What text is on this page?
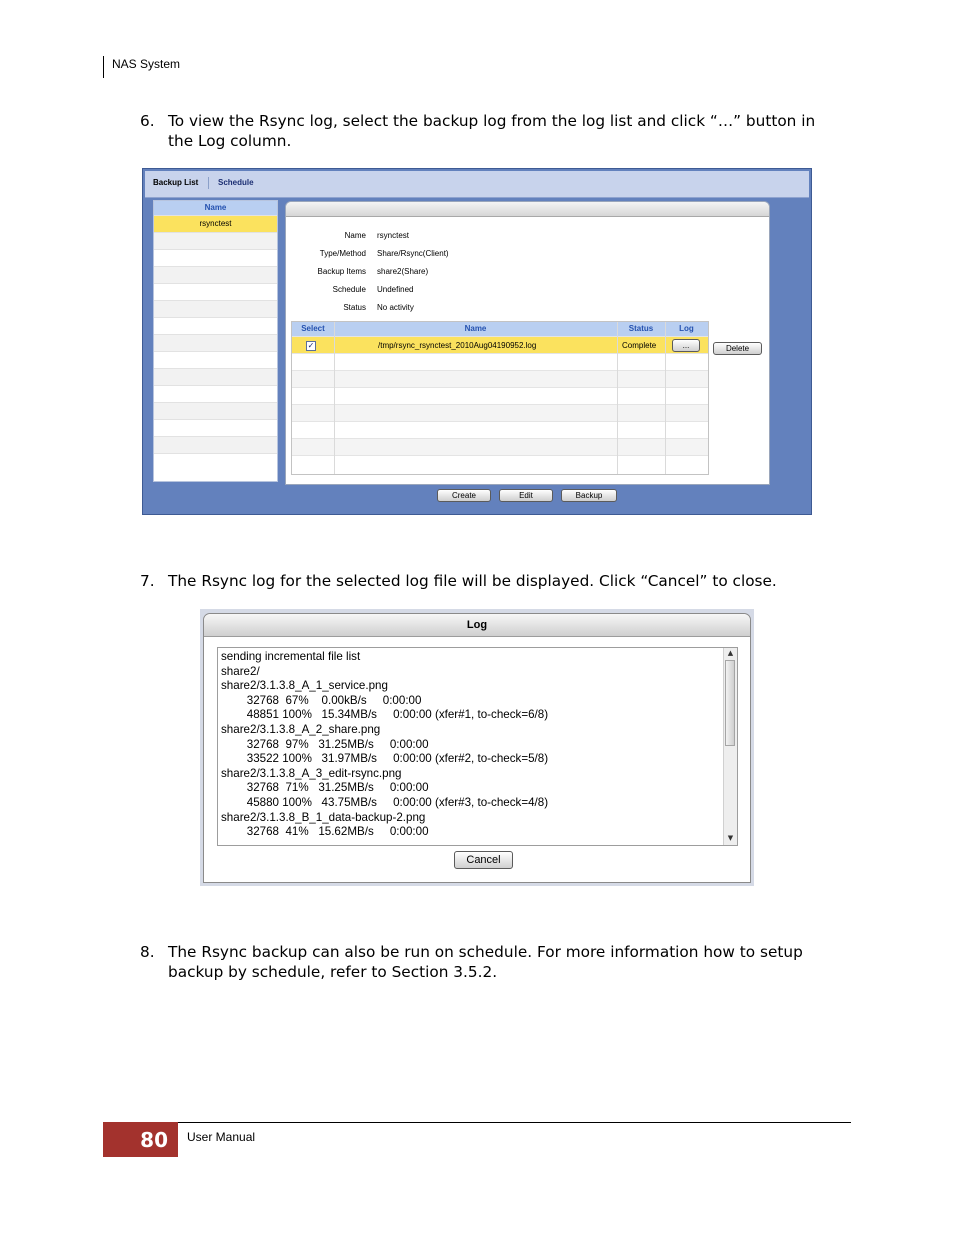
NAS System
6. To view the Rsync log, select the backup log from the log list and click “…” button in the Log column.
Backup List Schedule
Name
rsynctest
Name rsynctest
Type/Method Share/Rsync(Client)
Backup Items share2(Share)
Schedule Undefined
Status No activity
Select	Name	Status	Log
✓	/tmp/rsync_rsynctest_2010Aug04190952.log	Complete	...	Delete
Create	Edit	Backup
7. The Rsync log for the selected log file will be displayed. Click “Cancel” to close.
Log
sending incremental file list
share2/
share2/3.1.3.8_A_1_service.png
32768  67%    0.00kB/s     0:00:00
48851 100%   15.34MB/s     0:00:00 (xfer#1, to-check=6/8)
share2/3.1.3.8_A_2_share.png
32768  97%   31.25MB/s     0:00:00
33522 100%   31.97MB/s     0:00:00 (xfer#2, to-check=5/8)
share2/3.1.3.8_A_3_edit-rsync.png
32768  71%   31.25MB/s     0:00:00
45880 100%   43.75MB/s     0:00:00 (xfer#3, to-check=4/8)
share2/3.1.3.8_B_1_data-backup-2.png
32768  41%   15.62MB/s     0:00:00
▲
▼
Cancel
8. The Rsync backup can also be run on schedule. For more information how to setup backup by schedule, refer to Section 3.5.2.
80	User Manual
